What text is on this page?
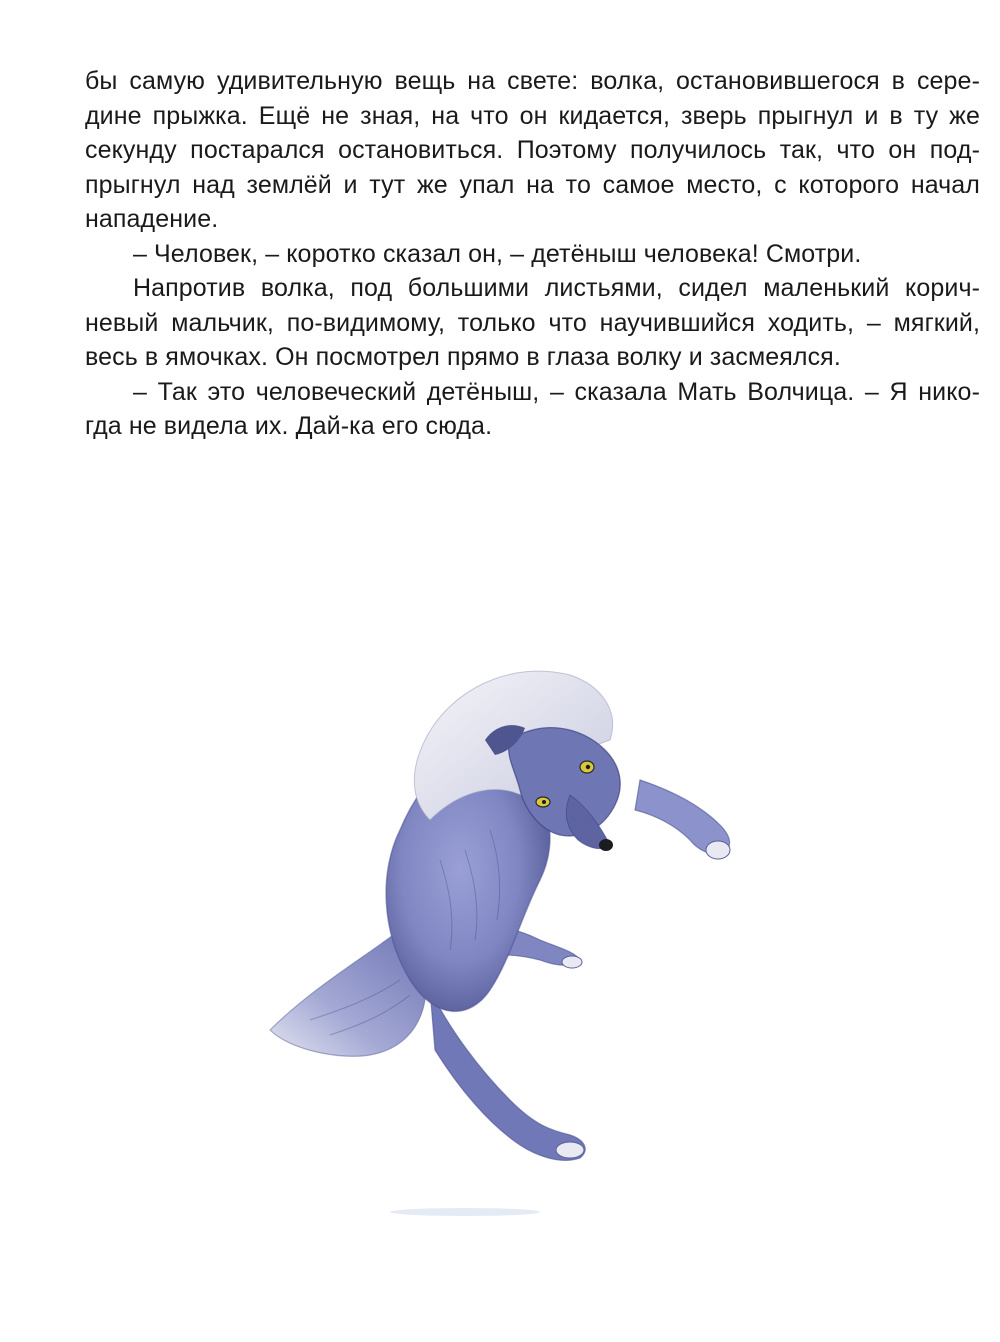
бы самую удивительную вещь на свете: волка, остановившегося в сере-
дине прыжка. Ещё не зная, на что он кидается, зверь прыгнул и в ту же
секунду постарался остановиться. Поэтому получилось так, что он под-
прыгнул над землёй и тут же упал на то самое место, с которого начал
нападение.

– Человек, – коротко сказал он, – детёныш человека! Смотри.

Напротив волка, под большими листьями, сидел маленький корич-
невый мальчик, по-видимому, только что научившийся ходить, – мягкий,
весь в ямочках. Он посмотрел прямо в глаза волку и засмеялся.

– Так это человеческий детёныш, – сказала Мать Волчица. – Я нико-
гда не видела их. Дай-ка его сюда.
